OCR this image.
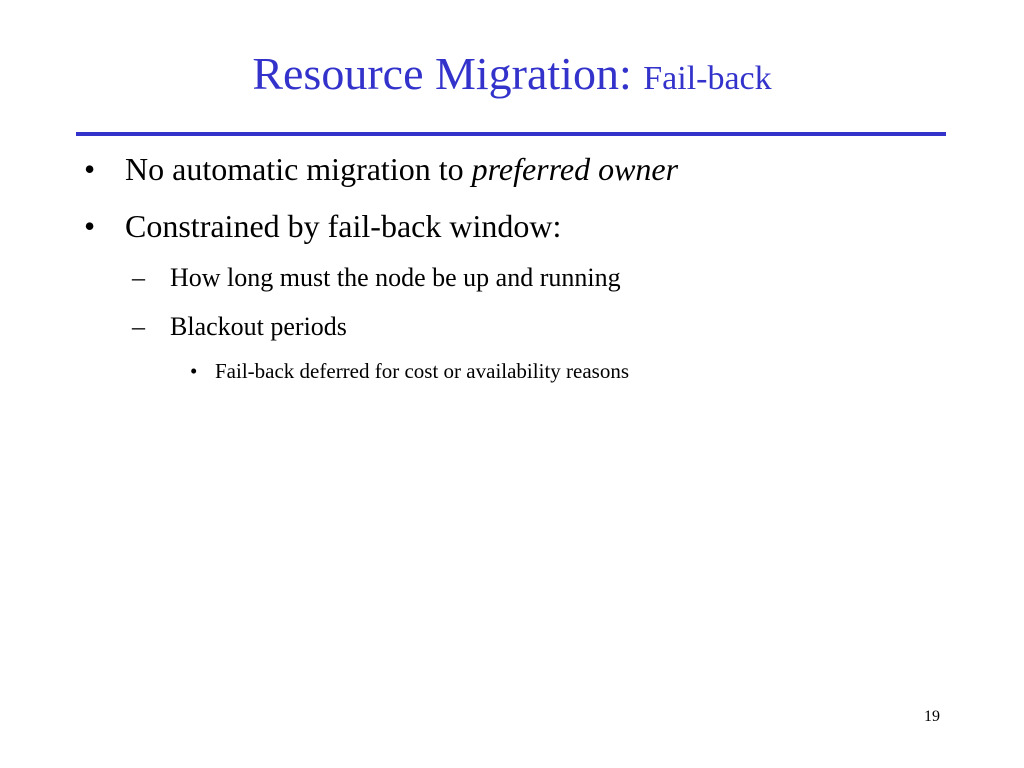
Resource Migration: Fail-back
• No automatic migration to preferred owner
• Constrained by fail-back window:
– How long must the node be up and running
– Blackout periods
• Fail-back deferred for cost or availability reasons
19
